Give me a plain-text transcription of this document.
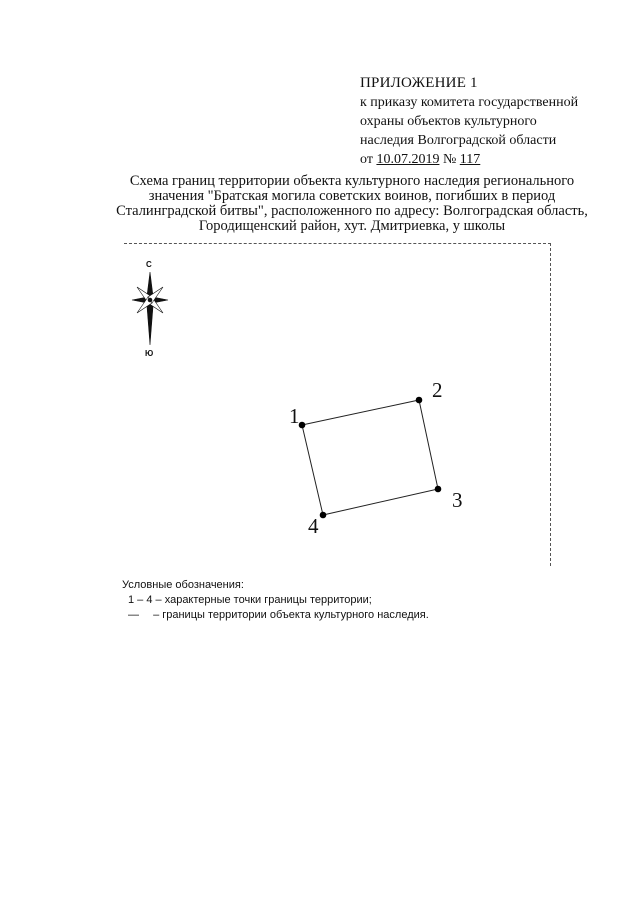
ПРИЛОЖЕНИЕ 1
к приказу комитета государственной
охраны объектов культурного
наследия Волгоградской области
от 10.07.2019 № 117
Схема границ территории объекта культурного наследия регионального
значения "Братская могила советских воинов, погибших в период
Сталинградской битвы", расположенного по адресу: Волгоградская область,
Городищенский район, хут. Дмитриевка, у школы
С
Ю
1
2
3
4
Условные обозначения:
1 – 4 – характерные точки границы территории;
— – границы территории объекта культурного наследия.
